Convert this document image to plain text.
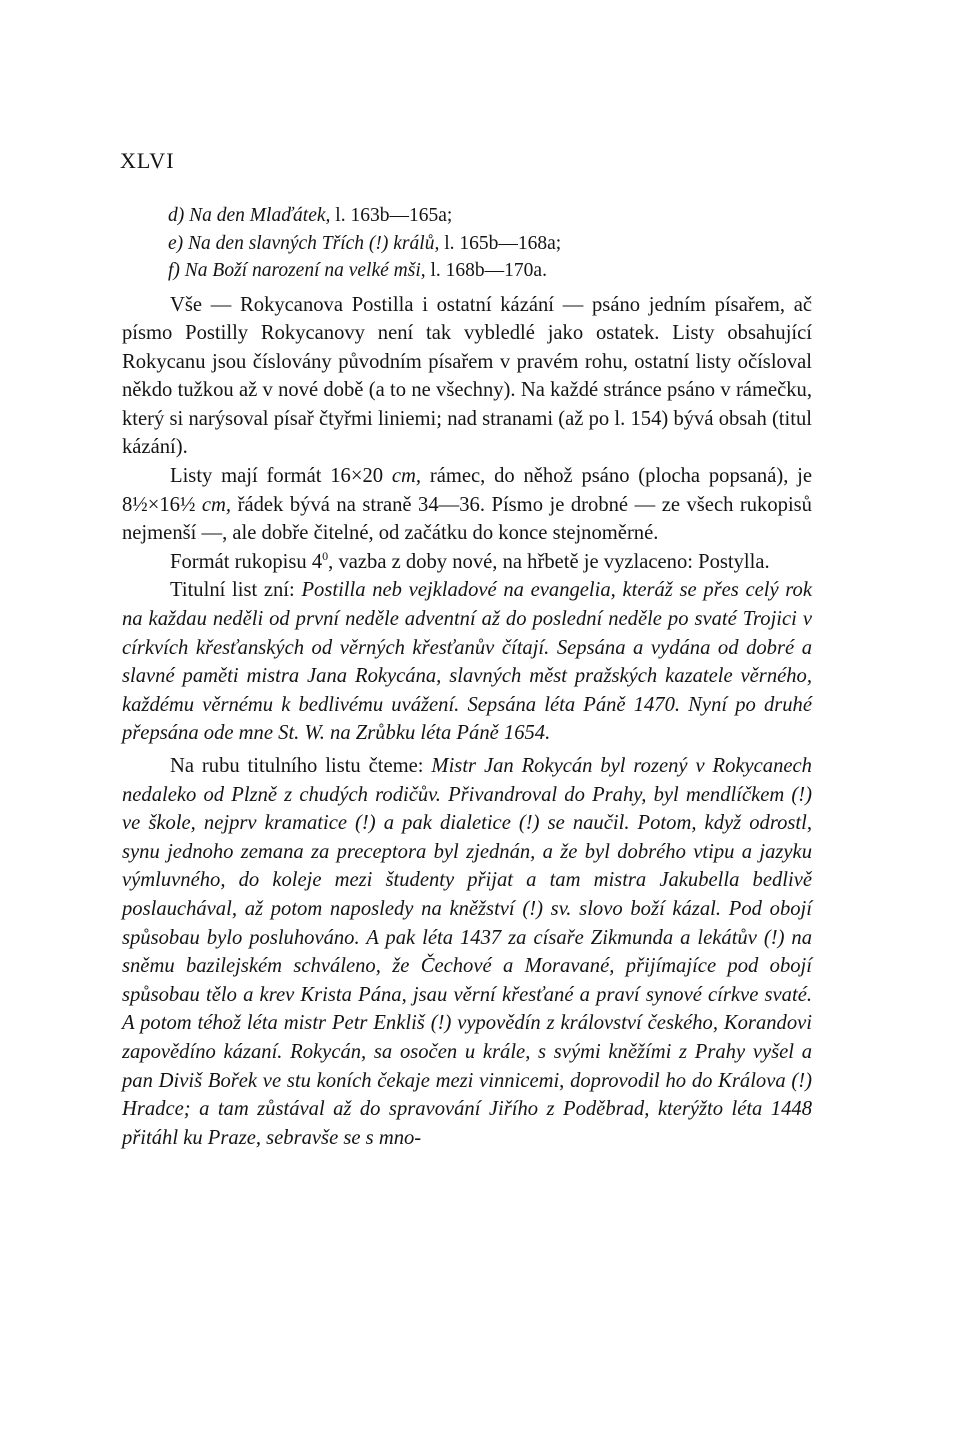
XLVI
d) Na den Mlaďátek, l. 163b—165a;
e) Na den slavných Třích (!) králů, l. 165b—168a;
f) Na Boží narození na velké mši, l. 168b—170a.

Vše — Rokycanova Postilla i ostatní kázání — psáno jedním písařem, ač písmo Postilly Rokycanovy není tak vybledlé jako ostatek. Listy obsahující Rokycanu jsou číslovány původním písařem v pravém rohu, ostatní listy očísloval někdo tužkou až v nové době (a to ne všechny). Na každé stránce psáno v rámečku, který si narýsoval písař čtyřmi liniemi; nad stranami (až po l. 154) bývá obsah (titul kázání).

Listy mají formát 16×20 cm, rámec, do něhož psáno (plocha popsaná), je 8½×16½ cm, řádek bývá na straně 34—36. Písmo je drobné — ze všech rukopisů nejmenší —, ale dobře čitelné, od začátku do konce stejnoměrné.

Formát rukopisu $4^0$, vazba z doby nové, na hřbetě je vyzlaceno: Postylla.

Titulní list zní: Postilla neb vejkladové na evangelia, kteráž se přes celý rok na každau neděli od první neděle adventní až do poslední neděle po svaté Trojici v církvích křesťanských od věrných křesťanův čítají. Sepsána a vydána od dobré a slavné paměti mistra Jana Rokycána, slavných měst pražských kazatele věrného, každému věrnému k bedlivému uvážení. Sepsána léta Páně 1470. Nyní po druhé přepsána ode mne St. W. na Zrůbku léta Páně 1654.

Na rubu titulního listu čteme: Mistr Jan Rokycán byl rozený v Rokycanech nedaleko od Plzně z chudých rodičův. Přivandroval do Prahy, byl mendlíčkem (!) ve škole, nejprv kramatice (!) a pak dialetice (!) se naučil. Potom, když odrostl, synu jednoho zemana za preceptora byl zjednán, a že byl dobrého vtipu a jazyku výmluvného, do koleje mezi študenty přijat a tam mistra Jakubella bedlivě poslauchával, až potom naposledy na kněžství (!) sv. slovo boží kázal. Pod obojí spůsobau bylo posluhováno. A pak léta 1437 za císaře Zikmunda a lekátův (!) na sněmu bazilejském schváleno, že Čechové a Moravané, přijímajíce pod obojí spůsobau tělo a krev Krista Pána, jsau věrní křesťané a praví synové církve svaté. A potom téhož léta mistr Petr Enkliš (!) vypovědín z království českého, Korandovi zapovědíno kázaní. Rokycán, sa osočen u krále, s svými kněžími z Prahy vyšel a pan Diviš Bořek ve stu koních čekaje mezi vinnicemi, doprovodil ho do Králova (!) Hradce; a tam zůstával až do spravování Jiřího z Poděbrad, kterýžto léta 1448 přitáhl ku Praze, sebravše se s mno-
